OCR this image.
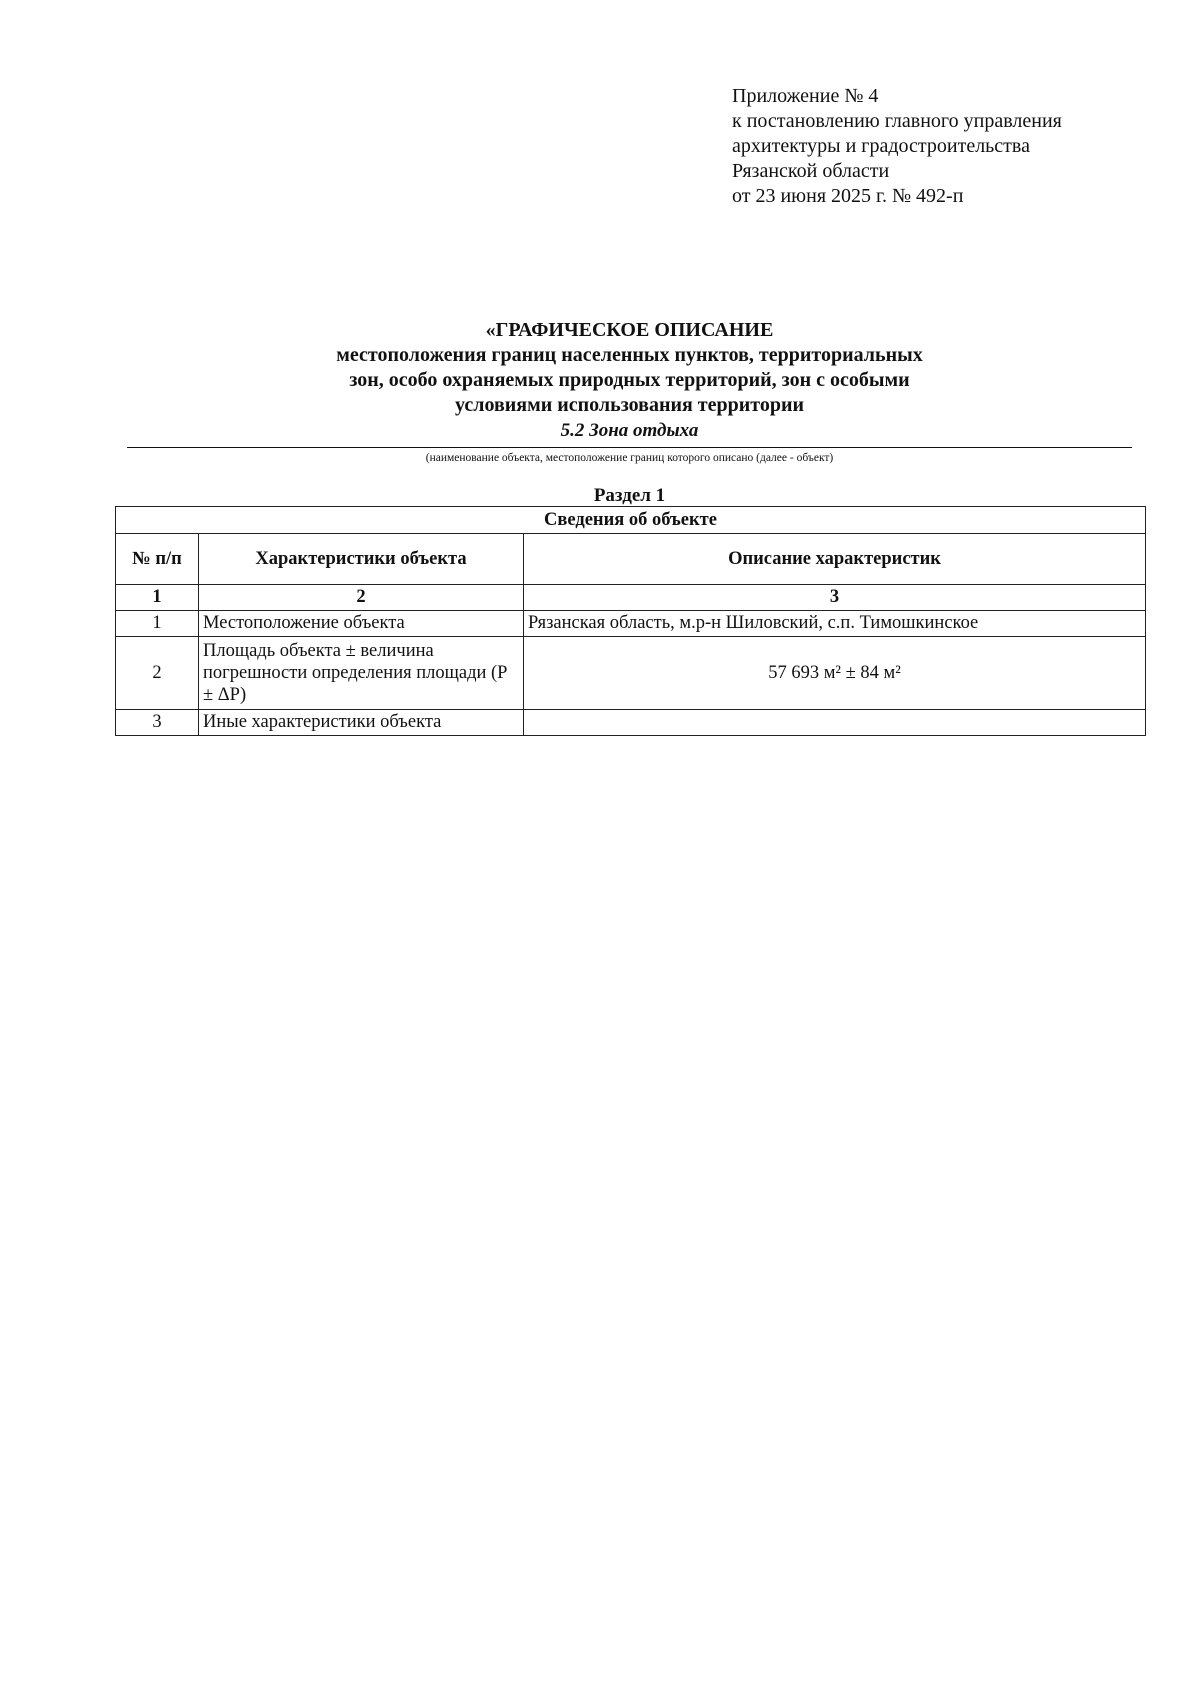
Приложение № 4
к постановлению главного управления
архитектуры и градостроительства
Рязанской области
от 23 июня 2025 г. № 492-п
«ГРАФИЧЕСКОЕ ОПИСАНИЕ
местоположения границ населенных пунктов, территориальных
зон, особо охраняемых природных территорий, зон с особыми
условиями использования территории
5.2 Зона отдыха
(наименование объекта, местоположение границ которого описано (далее - объект)
Раздел 1
Сведения об объекте		
№ п/п	Характеристики объекта	Описание характеристик
1	2	3
1	Местоположение объекта	Рязанская область, м.р-н Шиловский, с.п. Тимошкинское
2	Площадь объекта ± величина погрешности определения площади (P ± ΔP)	57 693 м² ± 84 м²
3	Иные характеристики объекта	
